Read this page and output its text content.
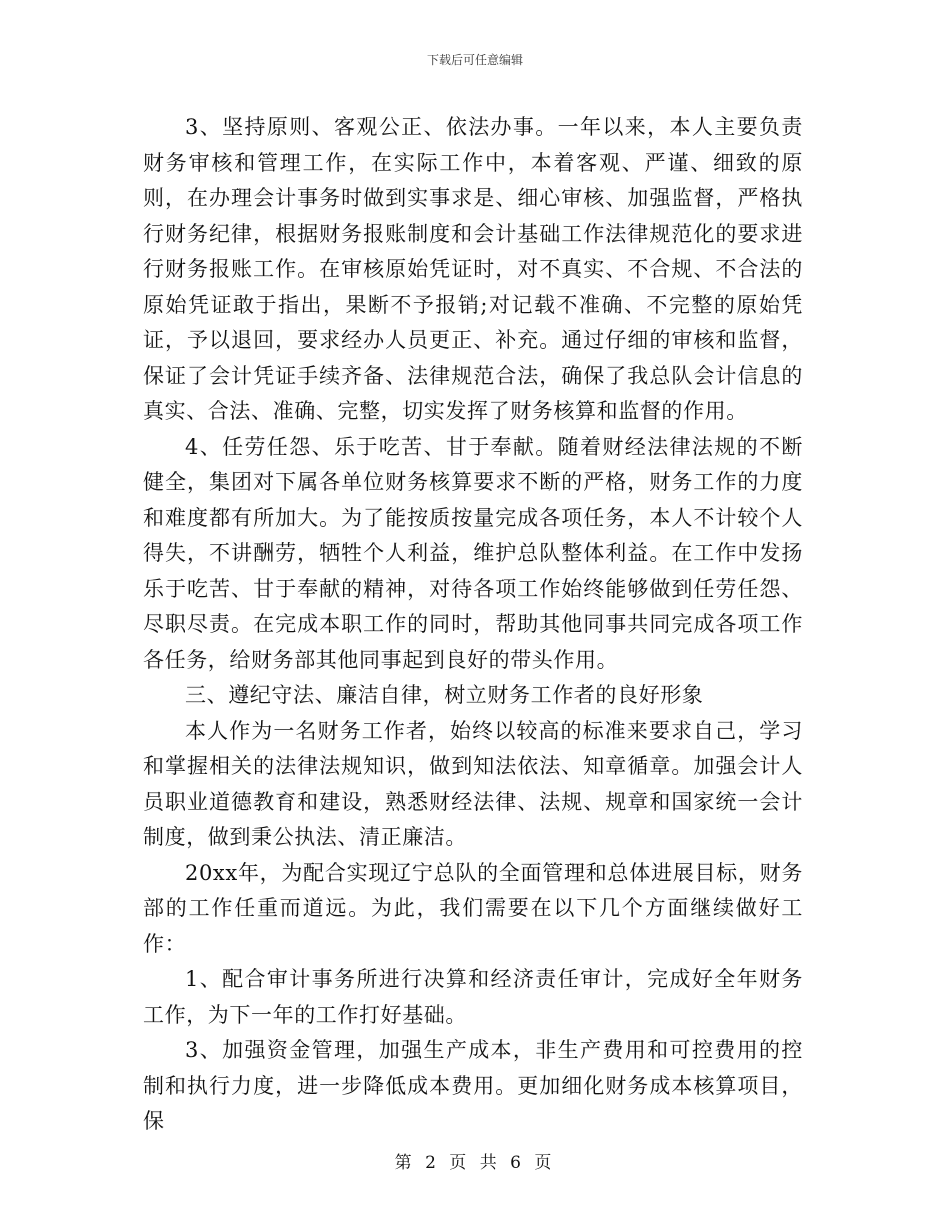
下载后可任意编辑

3、坚持原则、客观公正、依法办事。一年以来，本人主要负责财务审核和管理工作，在实际工作中，本着客观、严谨、细致的原则，在办理会计事务时做到实事求是、细心审核、加强监督，严格执行财务纪律，根据财务报账制度和会计基础工作法律规范化的要求进行财务报账工作。在审核原始凭证时，对不真实、不合规、不合法的原始凭证敢于指出，果断不予报销;对记载不准确、不完整的原始凭证，予以退回，要求经办人员更正、补充。通过仔细的审核和监督，保证了会计凭证手续齐备、法律规范合法，确保了我总队会计信息的真实、合法、准确、完整，切实发挥了财务核算和监督的作用。

4、任劳任怨、乐于吃苦、甘于奉献。随着财经法律法规的不断健全，集团对下属各单位财务核算要求不断的严格，财务工作的力度和难度都有所加大。为了能按质按量完成各项任务，本人不计较个人得失，不讲酬劳，牺牲个人利益，维护总队整体利益。在工作中发扬乐于吃苦、甘于奉献的精神，对待各项工作始终能够做到任劳任怨、尽职尽责。在完成本职工作的同时，帮助其他同事共同完成各项工作各任务，给财务部其他同事起到良好的带头作用。

三、遵纪守法、廉洁自律，树立财务工作者的良好形象

本人作为一名财务工作者，始终以较高的标准来要求自己，学习和掌握相关的法律法规知识，做到知法依法、知章循章。加强会计人员职业道德教育和建设，熟悉财经法律、法规、规章和国家统一会计制度，做到秉公执法、清正廉洁。

20xx年，为配合实现辽宁总队的全面管理和总体进展目标，财务部的工作任重而道远。为此，我们需要在以下几个方面继续做好工作：

1、配合审计事务所进行决算和经济责任审计，完成好全年财务工作，为下一年的工作打好基础。

3、加强资金管理，加强生产成本，非生产费用和可控费用的控制和执行力度，进一步降低成本费用。更加细化财务成本核算项目，保

第 2 页 共 6 页
